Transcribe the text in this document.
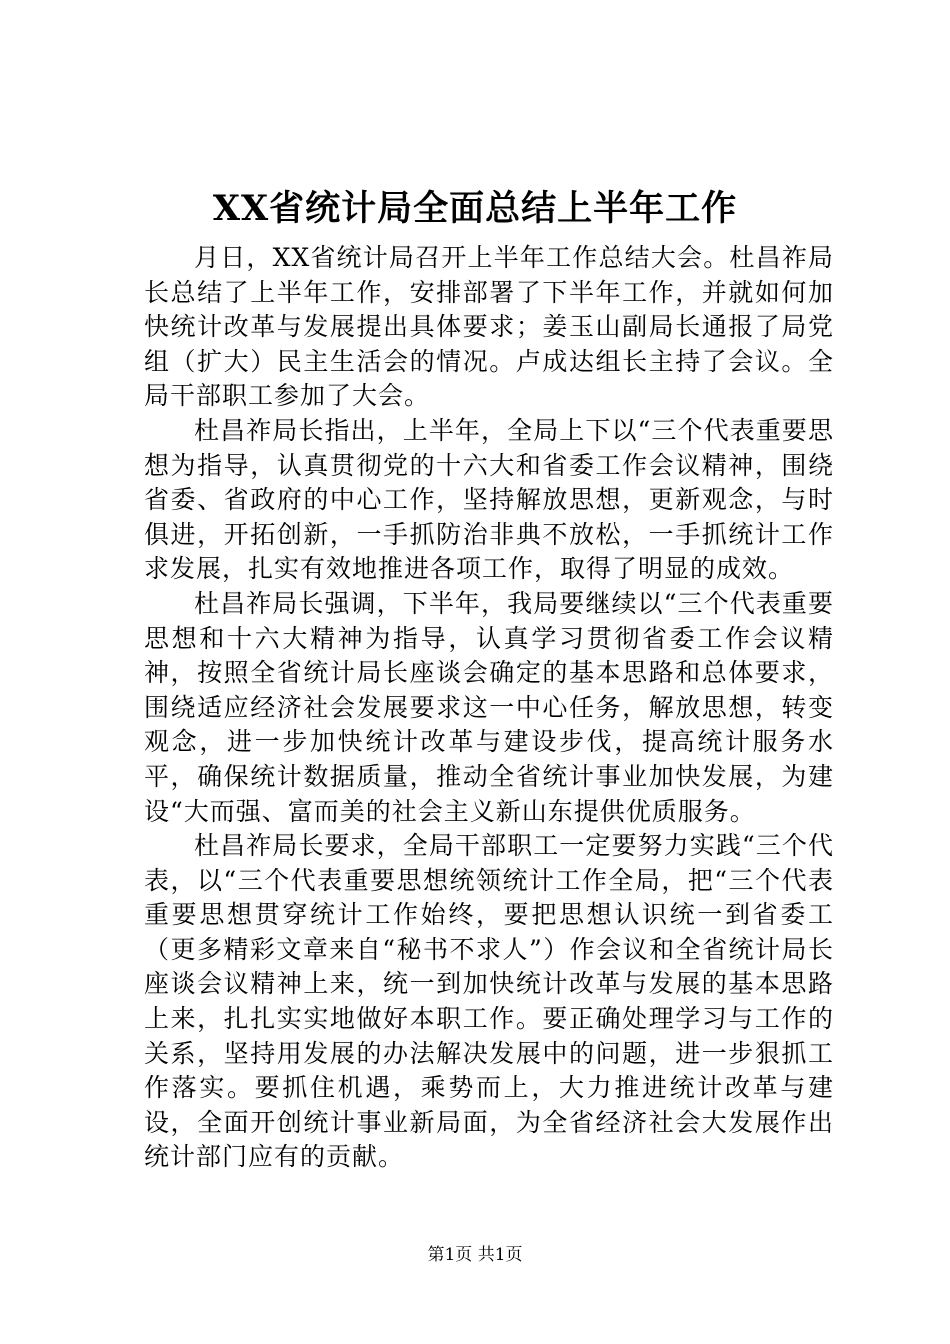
XX省统计局全面总结上半年工作

月日，XX省统计局召开上半年工作总结大会。杜昌祚局长总结了上半年工作，安排部署了下半年工作，并就如何加快统计改革与发展提出具体要求；姜玉山副局长通报了局党组（扩大）民主生活会的情况。卢成达组长主持了会议。全局干部职工参加了大会。

杜昌祚局长指出，上半年，全局上下以“三个代表重要思想为指导，认真贯彻党的十六大和省委工作会议精神，围绕省委、省政府的中心工作，坚持解放思想，更新观念，与时俱进，开拓创新，一手抓防治非典不放松，一手抓统计工作求发展，扎实有效地推进各项工作，取得了明显的成效。

杜昌祚局长强调，下半年，我局要继续以“三个代表重要思想和十六大精神为指导，认真学习贯彻省委工作会议精神，按照全省统计局长座谈会确定的基本思路和总体要求，围绕适应经济社会发展要求这一中心任务，解放思想，转变观念，进一步加快统计改革与建设步伐，提高统计服务水平，确保统计数据质量，推动全省统计事业加快发展，为建设“大而强、富而美的社会主义新山东提供优质服务。

杜昌祚局长要求，全局干部职工一定要努力实践“三个代表，以“三个代表重要思想统领统计工作全局，把“三个代表重要思想贯穿统计工作始终，要把思想认识统一到省委工（更多精彩文章来自“秘书不求人”）作会议和全省统计局长座谈会议精神上来，统一到加快统计改革与发展的基本思路上来，扎扎实实地做好本职工作。要正确处理学习与工作的关系，坚持用发展的办法解决发展中的问题，进一步狠抓工作落实。要抓住机遇，乘势而上，大力推进统计改革与建设，全面开创统计事业新局面，为全省经济社会大发展作出统计部门应有的贡献。

第1页 共1页
